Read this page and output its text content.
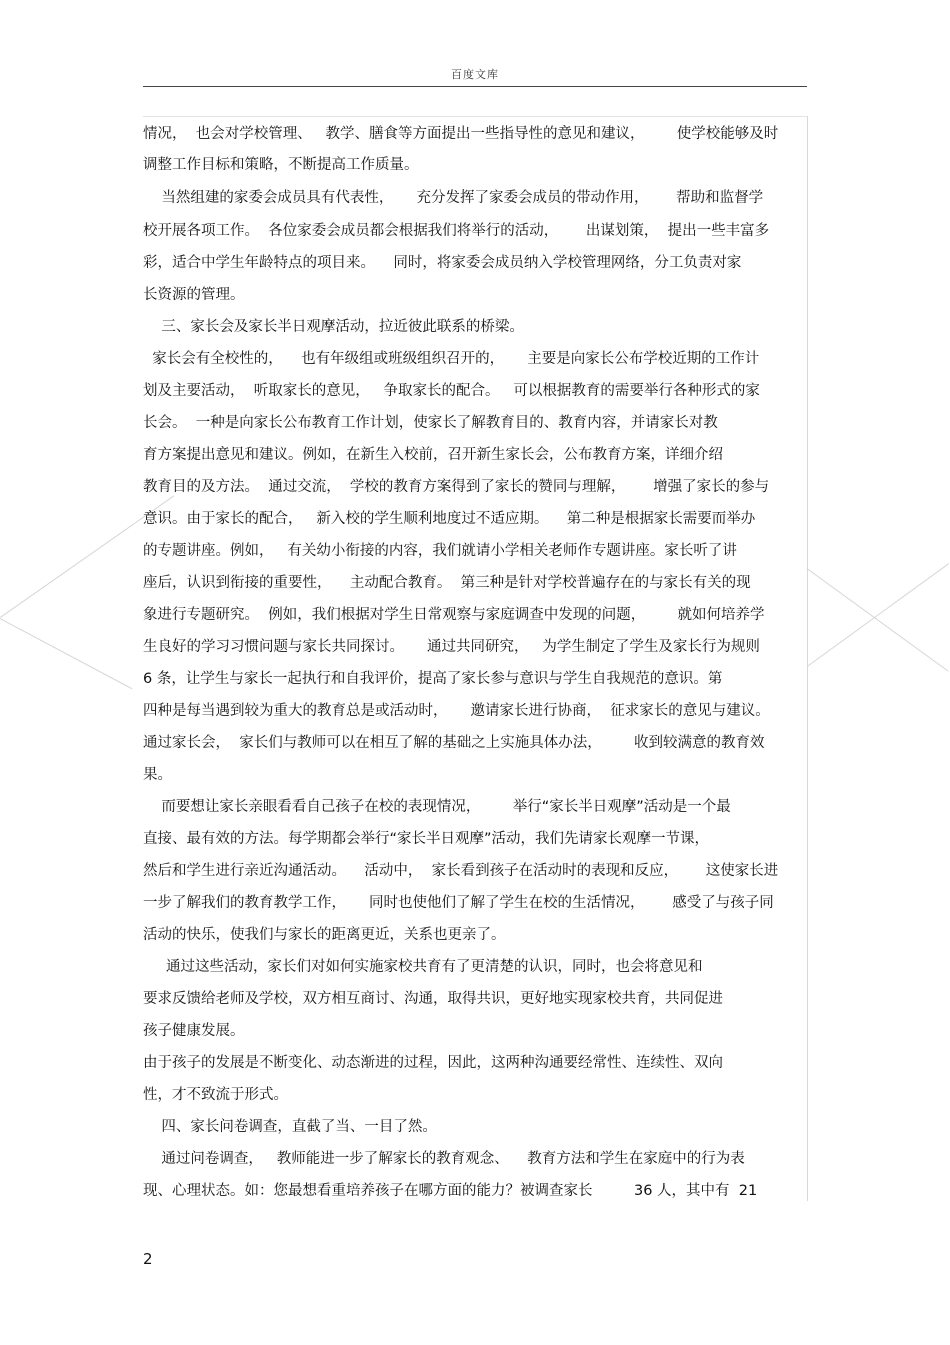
百度文库
情况，  也会对学校管理、   教学、膳食等方面提出一些指导性的意见和建议，       使学校能够及时
调整工作目标和策略，不断提高工作质量。
当然组建的家委会成员具有代表性，     充分发挥了家委会成员的带动作用，      帮助和监督学
校开展各项工作。  各位家委会成员都会根据我们将举行的活动，      出谋划策，  提出一些丰富多
彩，适合中学生年龄特点的项目来。    同时，将家委会成员纳入学校管理网络，分工负责对家
长资源的管理。
三、家长会及家长半日观摩活动，拉近彼此联系的桥梁。
家长会有全校性的，    也有年级组或班级组织召开的，     主要是向家长公布学校近期的工作计
划及主要活动，  听取家长的意见，   争取家长的配合。   可以根据教育的需要举行各种形式的家
长会。  一种是向家长公布教育工作计划，使家长了解教育目的、教育内容，并请家长对教
育方案提出意见和建议。例如，在新生入校前，召开新生家长会，公布教育方案，详细介绍
教育目的及方法。  通过交流，  学校的教育方案得到了家长的赞同与理解，      增强了家长的参与
意识。由于家长的配合，   新入校的学生顺利地度过不适应期。    第二种是根据家长需要而举办
的专题讲座。例如，   有关幼小衔接的内容，我们就请小学相关老师作专题讲座。家长听了讲
座后，认识到衔接的重要性，    主动配合教育。  第三种是针对学校普遍存在的与家长有关的现
象进行专题研究。  例如，我们根据对学生日常观察与家庭调查中发现的问题，       就如何培养学
生良好的学习习惯问题与家长共同探讨。     通过共同研究，   为学生制定了学生及家长行为规则
6 条，让学生与家长一起执行和自我评价，提高了家长参与意识与学生自我规范的意识。第
四种是每当遇到较为重大的教育总是或活动时，     邀请家长进行协商，  征求家长的意见与建议。
通过家长会，  家长们与教师可以在相互了解的基础之上实施具体办法，       收到较满意的教育效
果。
而要想让家长亲眼看看自己孩子在校的表现情况，       举行“家长半日观摩”活动是一个最
直接、最有效的方法。每学期都会举行“家长半日观摩”活动，我们先请家长观摩一节课，
然后和学生进行亲近沟通活动。    活动中，  家长看到孩子在活动时的表现和反应，      这使家长进
一步了解我们的教育教学工作，     同时也使他们了解了学生在校的生活情况，      感受了与孩子同
活动的快乐，使我们与家长的距离更近，关系也更亲了。
通过这些活动，家长们对如何实施家校共育有了更清楚的认识，同时，也会将意见和
要求反馈给老师及学校，双方相互商讨、沟通，取得共识，更好地实现家校共育，共同促进
孩子健康发展。
由于孩子的发展是不断变化、动态渐进的过程，因此，这两种沟通要经常性、连续性、双向
性，才不致流于形式。
四、家长问卷调查，直截了当、一目了然。
通过问卷调查，   教师能进一步了解家长的教育观念、    教育方法和学生在家庭中的行为表
现、心理状态。如：您最想看重培养孩子在哪方面的能力？被调查家长         36 人，其中有  21
2
